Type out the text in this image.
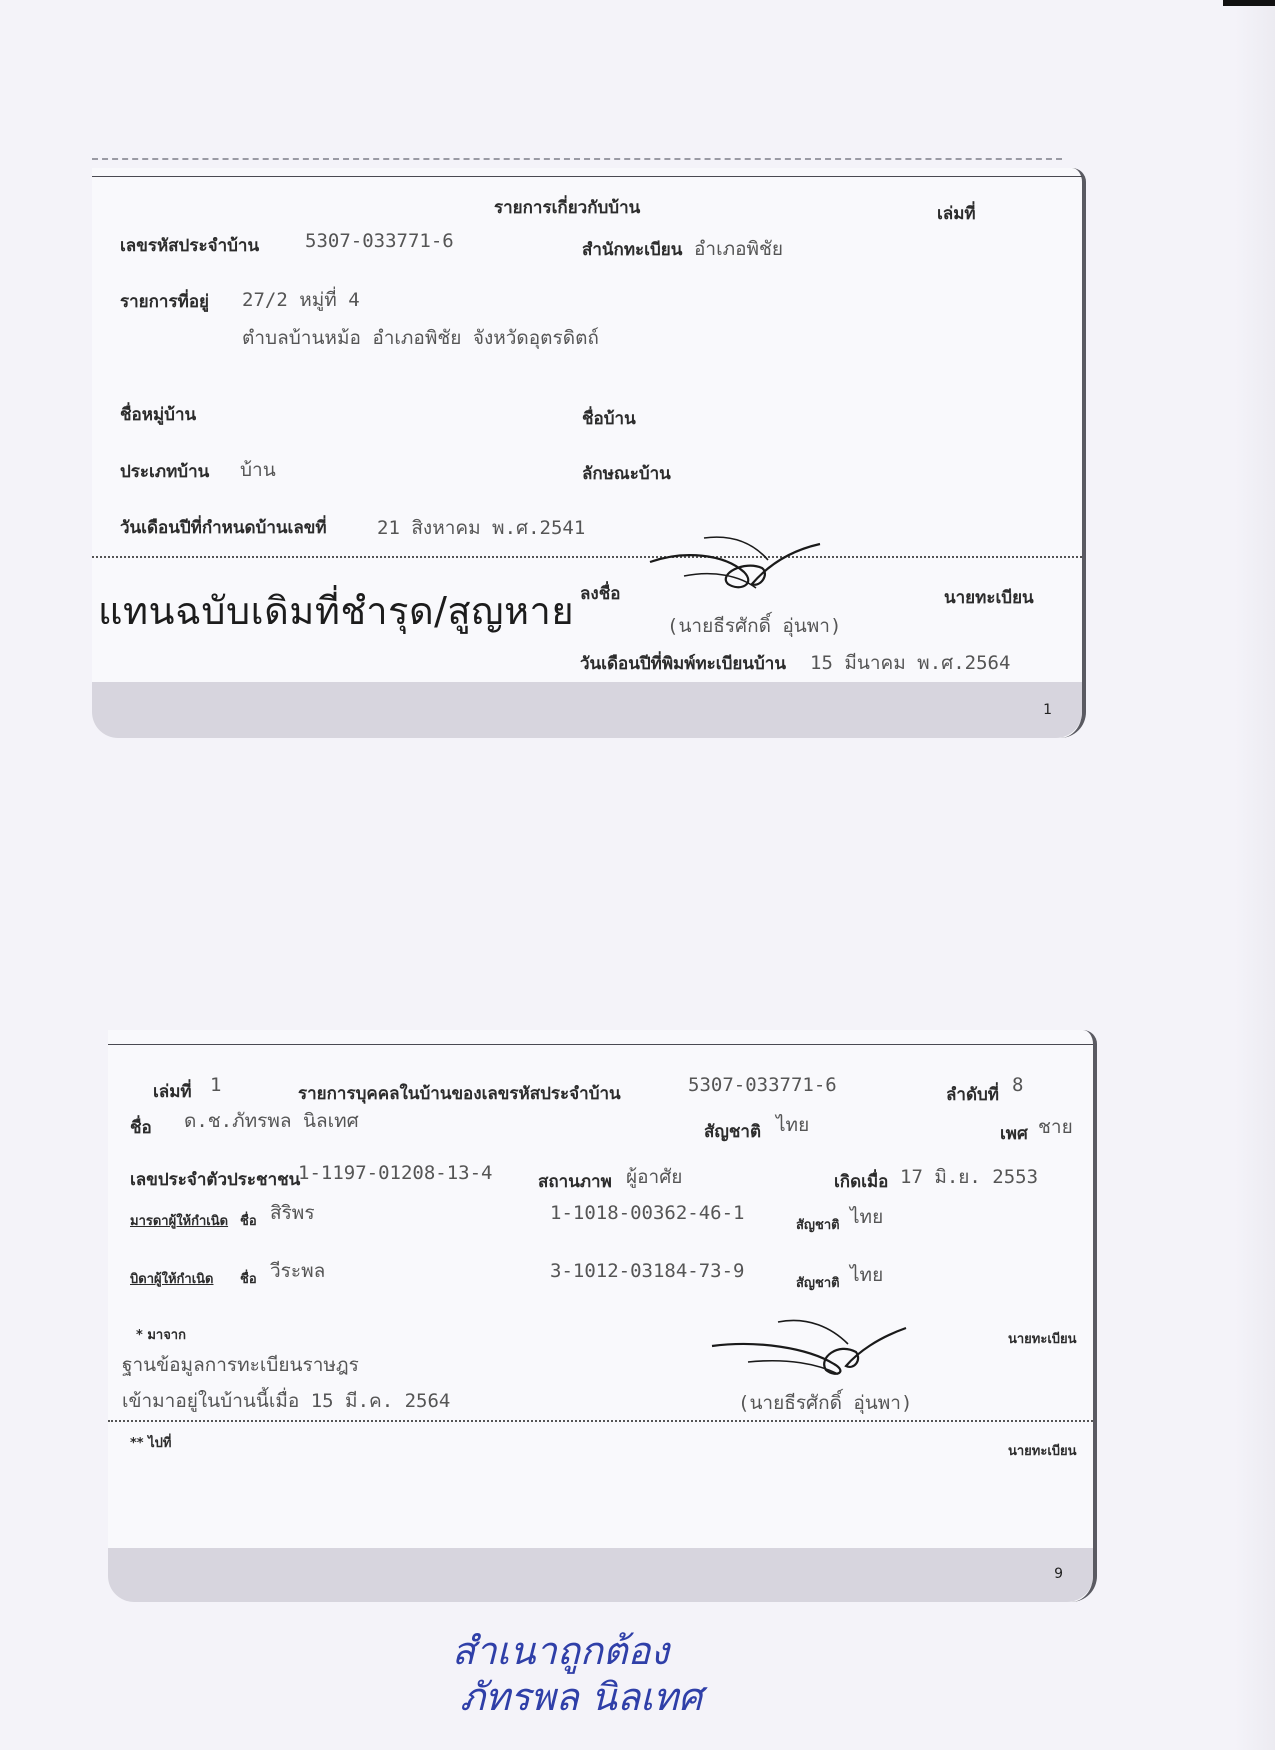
รายการเกี่ยวกับบ้าน	เล่มที่
เลขรหัสประจำบ้าน 5307-033771-6	สำนักทะเบียน อำเภอพิชัย
รายการที่อยู่ 27/2 หมู่ที่ 4
ตำบลบ้านหม้อ อำเภอพิชัย จังหวัดอุตรดิตถ์
ชื่อหมู่บ้าน	ชื่อบ้าน
ประเภทบ้าน บ้าน	ลักษณะบ้าน
วันเดือนปีที่กำหนดบ้านเลขที่	21 สิงหาคม พ.ศ.2541
แทนฉบับเดิมที่ชำรุด/สูญหาย ลงชื่อ	นายทะเบียน
(นายธีรศักดิ์ อุ่นพา)
วันเดือนปีที่พิมพ์ทะเบียนบ้าน 15 มีนาคม พ.ศ.2564
1
เล่มที่ 1	รายการบุคคลในบ้านของเลขรหัสประจำบ้าน	5307-033771-6	ลำดับที่ 8
ชื่อ ด.ช.ภัทรพล นิลเทศ	สัญชาติ ไทย	เพศ ชาย
เลขประจำตัวประชาชน
1-1197-01208-13-4	สถานภาพ ผู้อาศัย	เกิดเมื่อ 17 มิ.ย. 2553
มารดาผู้ให้กำเนิด ชื่อ สิริพร	1-1018-00362-46-1
สัญชาติ ไทย
บิดาผู้ให้กำเนิด ชื่อ วีระพล	3-1012-03184-73-9
สัญชาติ ไทย
* มาจาก	นายทะเบียน
ฐานข้อมูลการทะเบียนราษฎร
เข้ามาอยู่ในบ้านนี้เมื่อ 15 มี.ค. 2564	(นายธีรศักดิ์ อุ่นพา)
** ไปที่
นายทะเบียน
9
สำเนาถูกต้อง
ภัทรพล นิลเทศ
